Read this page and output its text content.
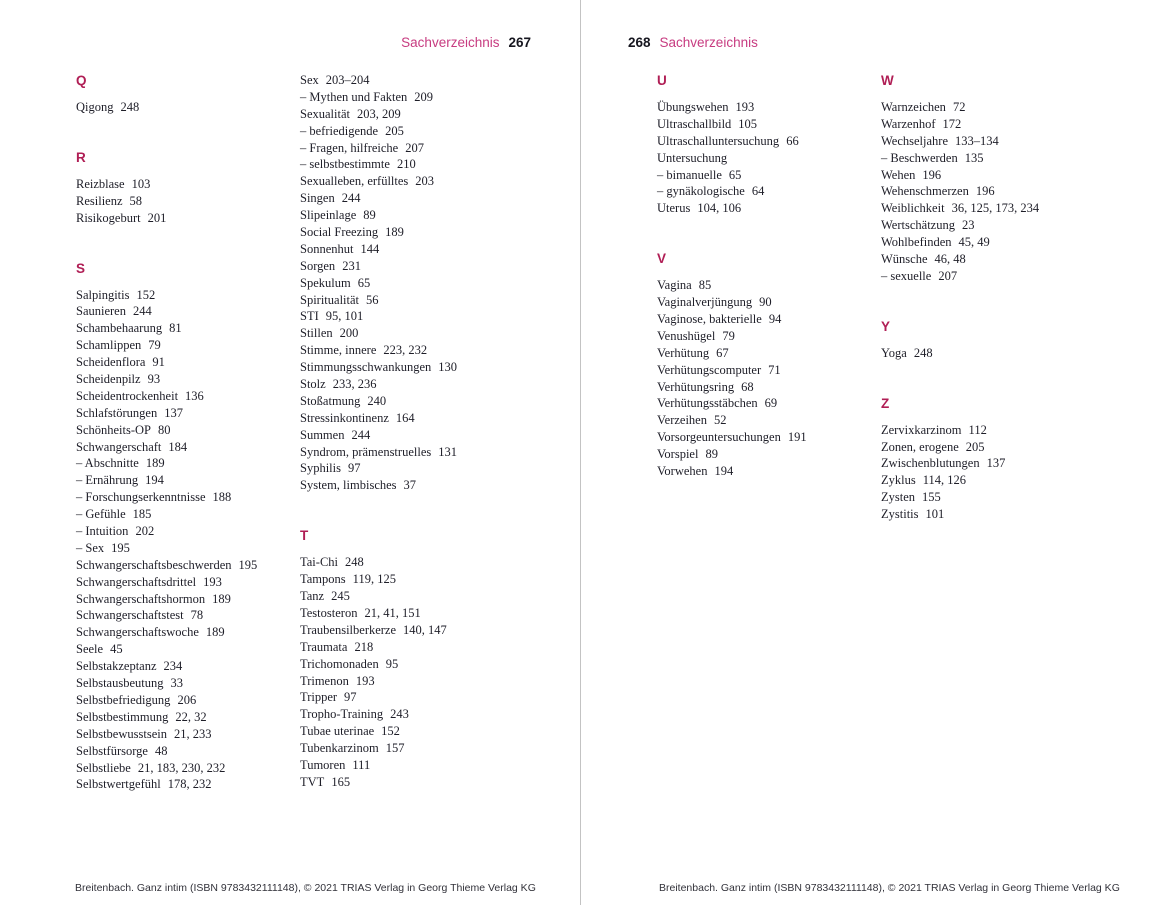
Sachverzeichnis 267
Q
Qigong 248
R
Reizblase 103
Resilienz 58
Risikogeburt 201
S
Salpingitis 152
Saunieren 244
Schambehaarung 81
Schamlippen 79
Scheidenflora 91
Scheidenpilz 93
Scheidentrockenheit 136
Schlafstörungen 137
Schönheits-OP 80
Schwangerschaft 184
– Abschnitte 189
– Ernährung 194
– Forschungserkenntnisse 188
– Gefühle 185
– Intuition 202
– Sex 195
Schwangerschaftsbeschwerden 195
Schwangerschaftsdrittel 193
Schwangerschaftshormon 189
Schwangerschaftstest 78
Schwangerschaftswoche 189
Seele 45
Selbstakzeptanz 234
Selbstausbeutung 33
Selbstbefriedigung 206
Selbstbestimmung 22, 32
Selbstbewusstsein 21, 233
Selbstfürsorge 48
Selbstliebe 21, 183, 230, 232
Selbstwertgefühl 178, 232
Sex 203–204
– Mythen und Fakten 209
Sexualität 203, 209
– befriedigende 205
– Fragen, hilfreiche 207
– selbstbestimmte 210
Sexualleben, erfülltes 203
Singen 244
Slipeinlage 89
Social Freezing 189
Sonnenhut 144
Sorgen 231
Spekulum 65
Spiritualität 56
STI 95, 101
Stillen 200
Stimme, innere 223, 232
Stimmungsschwankungen 130
Stolz 233, 236
Stoßatmung 240
Stressinkontinenz 164
Summen 244
Syndrom, prämenstruelles 131
Syphilis 97
System, limbisches 37
T
Tai-Chi 248
Tampons 119, 125
Tanz 245
Testosteron 21, 41, 151
Traubensilberkerze 140, 147
Traumata 218
Trichomonaden 95
Trimenon 193
Tripper 97
Tropho-Training 243
Tubae uterinae 152
Tubenkarzinom 157
Tumoren 111
TVT 165
Breitenbach. Ganz intim (ISBN 9783432111148), © 2021 TRIAS Verlag in Georg Thieme Verlag KG
268 Sachverzeichnis
U
Übungswehen 193
Ultraschallbild 105
Ultraschalluntersuchung 66
Untersuchung
– bimanuelle 65
– gynäkologische 64
Uterus 104, 106
V
Vagina 85
Vaginalverjüngung 90
Vaginose, bakterielle 94
Venushügel 79
Verhütung 67
Verhütungscomputer 71
Verhütungsring 68
Verhütungsstäbchen 69
Verzeihen 52
Vorsorgeuntersuchungen 191
Vorspiel 89
Vorwehen 194
W
Warnzeichen 72
Warzenhof 172
Wechseljahre 133–134
– Beschwerden 135
Wehen 196
Wehenschmerzen 196
Weiblichkeit 36, 125, 173, 234
Wertschätzung 23
Wohlbefinden 45, 49
Wünsche 46, 48
– sexuelle 207
Y
Yoga 248
Z
Zervixkarzinom 112
Zonen, erogene 205
Zwischenblutungen 137
Zyklus 114, 126
Zysten 155
Zystitis 101
Breitenbach. Ganz intim (ISBN 9783432111148), © 2021 TRIAS Verlag in Georg Thieme Verlag KG
